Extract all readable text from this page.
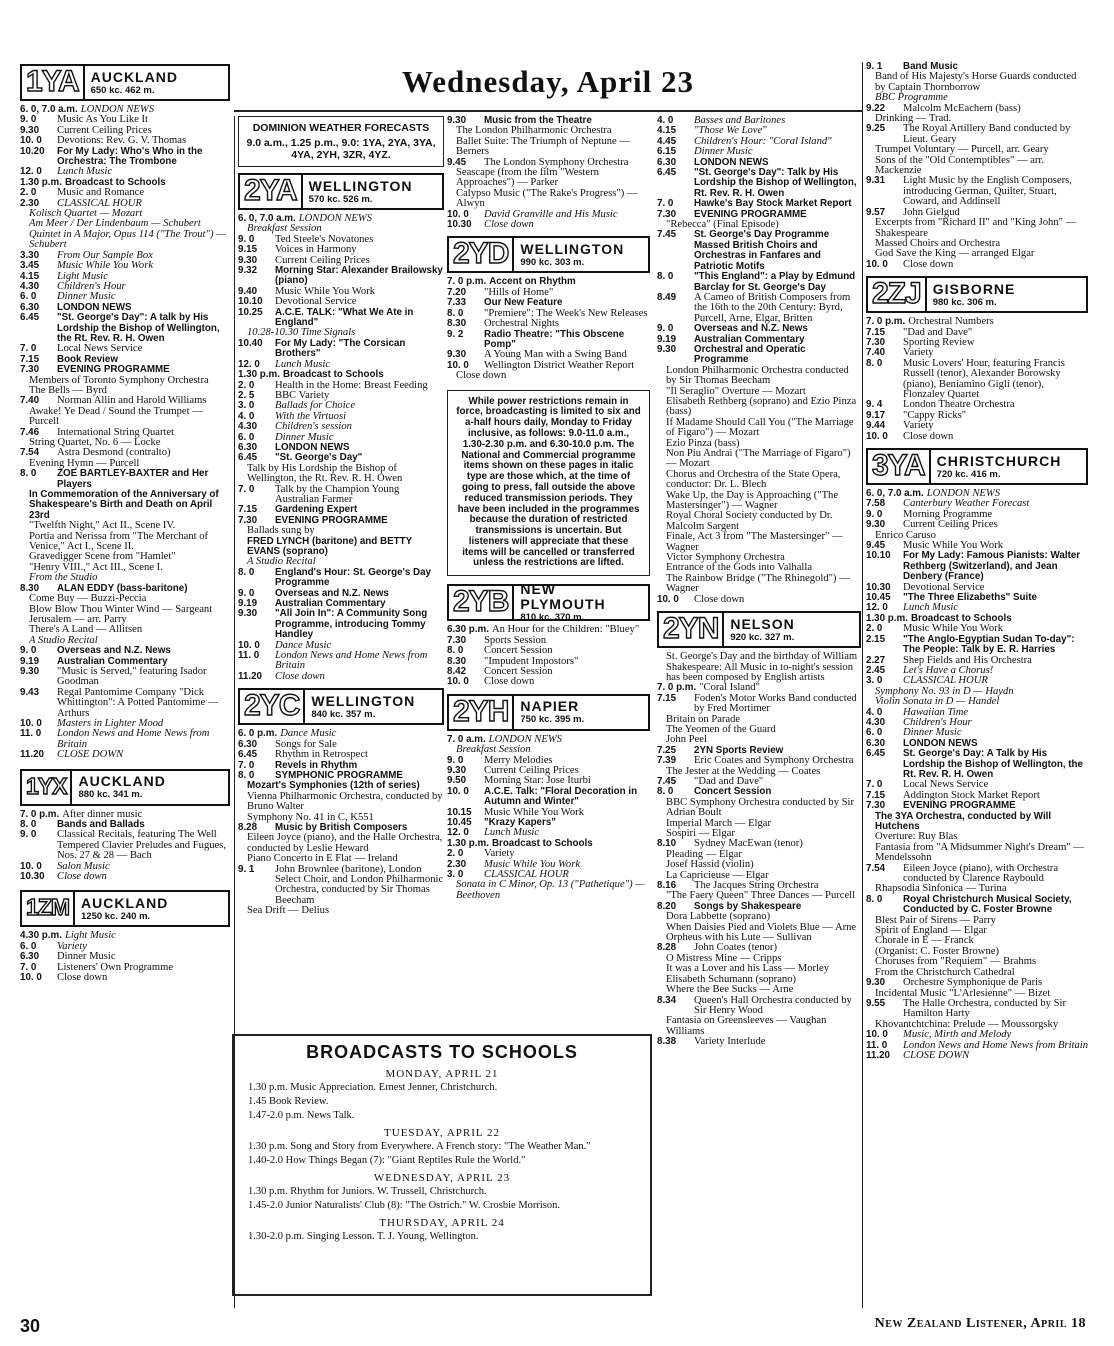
Wednesday, April 23
1YA AUCKLAND
650 kc. 462 m.
6. 0, 7.0 a.m. LONDON NEWS
9. 0	Music As You Like It
9.30	Current Ceiling Prices
10. 0	Devotions: Rev. G. V. Thomas
10.20	For My Lady: Who's Who in the Orchestra: The Trombone
12. 0	Lunch Music
1.30 p.m. Broadcast to Schools
2. 0	Music and Romance
2.30	CLASSICAL HOUR
Kolisch Quartet — Mozart
Am Meer / Der Lindenbaum — Schubert
Quintet in A Major, Opus 114 ("The Trout") — Schubert
3.30	From Our Sample Box
3.45	Music While You Work
4.15	Light Music
4.30	Children's Hour
6. 0	Dinner Music
6.30	LONDON NEWS
6.45	"St. George's Day": A talk by His Lordship the Bishop of Wellington, the Rt. Rev. R. H. Owen
7. 0	Local News Service
7.15	Book Review
7.30	EVENING PROGRAMME
Members of Toronto Symphony Orchestra
The Bells — Byrd
7.40	Norman Allin and Harold Williams
Awake! Ye Dead / Sound the Trumpet — Purcell
7.46	International String Quartet
String Quartet, No. 6 — Locke
7.54	Astra Desmond (contralto)
Evening Hymn — Purcell
8. 0	ZOE BARTLEY-BAXTER and Her Players
In Commemoration of the Anniversary of Shakespeare's Birth and Death on April 23rd
"Twelfth Night," Act II., Scene IV.
Portia and Nerissa from "The Merchant of Venice," Act I., Scene II.
Gravedigger Scene from "Hamlet"
"Henry VIII.," Act III., Scene I.
From the Studio
8.30	ALAN EDDY (bass-baritone)
Come Buy — Buzzi-Peccia
Blow Blow Thou Winter Wind — Sargeant
Jerusalem — arr. Parry
There's A Land — Allitsen
A Studio Recital
9. 0	Overseas and N.Z. News
9.19	Australian Commentary
9.30	"Music is Served," featuring Isador Goodman
9.43	Regal Pantomime Company "Dick Whittington": A Potted Pantomime — Arthurs
10. 0	Masters in Lighter Mood
11. 0	London News and Home News from Britain
11.20	CLOSE DOWN
1YX AUCKLAND
880 kc. 341 m.
7. 0 p.m. After dinner music
8. 0	Bands and Ballads
9. 0	Classical Recitals, featuring The Well Tempered Clavier Preludes and Fugues, Nos. 27 & 28 — Bach
10. 0	Salon Music
10.30	Close down
1ZM AUCKLAND
1250 kc. 240 m.
4.30 p.m. Light Music
6. 0	Variety
6.30	Dinner Music
7. 0	Listeners' Own Programme
10. 0	Close down
DOMINION WEATHER FORECASTS
9.0 a.m., 1.25 p.m., 9.0: 1YA, 2YA, 3YA, 4YA, 2YH, 3ZR, 4YZ.
2YA WELLINGTON
570 kc. 526 m.
6. 0, 7.0 a.m. LONDON NEWS
Breakfast Session
9. 0	Ted Steele's Novatones
9.15	Voices in Harmony
9.30	Current Ceiling Prices
9.32	Morning Star: Alexander Brailowsky (piano)
9.40	Music While You Work
10.10	Devotional Service
10.25	A.C.E. TALK: "What We Ate in England"
10.28-10.30 Time Signals
10.40	For My Lady: "The Corsican Brothers"
12. 0	Lunch Music
1.30 p.m. Broadcast to Schools
2. 0	Health in the Home: Breast Feeding
2. 5	BBC Variety
3. 0	Ballads for Choice
4. 0	With the Virtuosi
4.30	Children's session
6. 0	Dinner Music
6.30	LONDON NEWS
6.45	"St. George's Day"
Talk by His Lordship the Bishop of Wellington, the Rt. Rev. R. H. Owen
7. 0	Talk by the Champion Young Australian Farmer
7.15	Gardening Expert
7.30	EVENING PROGRAMME
Ballads sung by
FRED LYNCH (baritone) and BETTY EVANS (soprano)
A Studio Recital
8. 0	England's Hour: St. George's Day Programme
9. 0	Overseas and N.Z. News
9.19	Australian Commentary
9.30	"All Join In": A Community Song Programme, introducing Tommy Handley
10. 0	Dance Music
11. 0	London News and Home News from Britain
11.20	Close down
2YC WELLINGTON
840 kc. 357 m.
6. 0 p.m. Dance Music
6.30	Songs for Sale
6.45	Rhythm in Retrospect
7. 0	Revels in Rhythm
8. 0	SYMPHONIC PROGRAMME
Mozart's Symphonies (12th of series)
Vienna Philharmonic Orchestra, conducted by Bruno Walter
Symphony No. 41 in C, K551
8.28	Music by British Composers
Eileen Joyce (piano), and the Halle Orchestra, conducted by Leslie Heward
Piano Concerto in E Flat — Ireland
9. 1	John Brownlee (baritone), London Select Choir, and London Philharmonic Orchestra, conducted by Sir Thomas Beecham
Sea Drift — Delius
9.30	Music from the Theatre
The London Philharmonic Orchestra
Ballet Suite: The Triumph of Neptune — Berners
9.45	The London Symphony Orchestra
Seascape (from the film "Western Approaches") — Parker
Calypso Music ("The Rake's Progress") — Alwyn
10. 0	David Granville and His Music
10.30	Close down
2YD WELLINGTON
990 kc. 303 m.
7. 0 p.m. Accent on Rhythm
7.20	"Hills of Home"
7.33	Our New Feature
8. 0	"Premiere": The Week's New Releases
8.30	Orchestral Nights
9. 2	Radio Theatre: "This Obscene Pomp"
9.30	A Young Man with a Swing Band
10. 0	Wellington District Weather Report
Close down
While power restrictions remain in force, broadcasting is limited to six and a-half hours daily, Monday to Friday inclusive, as follows: 9.0-11.0 a.m., 1.30-2.30 p.m. and 6.30-10.0 p.m. The National and Commercial programme items shown on these pages in italic type are those which, at the time of going to press, fall outside the above reduced transmission periods. They have been included in the programmes because the duration of restricted transmissions is uncertain. But listeners will appreciate that these items will be cancelled or transferred unless the restrictions are lifted.
2YB NEW PLYMOUTH
810 kc. 370 m.
6.30 p.m. An Hour for the Children: "Bluey"
7.30	Sports Session
8. 0	Concert Session
8.30	"Impudent Impostors"
8.42	Concert Session
10. 0	Close down
2YH NAPIER
750 kc. 395 m.
7. 0 a.m. LONDON NEWS
Breakfast Session
9. 0	Merry Melodies
9.30	Current Ceiling Prices
9.50	Morning Star: Jose Iturbi
10. 0	A.C.E. Talk: "Floral Decoration in Autumn and Winter"
10.15	Music While You Work
10.45	"Krazy Kapers"
12. 0	Lunch Music
1.30 p.m. Broadcast to Schools
2. 0	Variety
2.30	Music While You Work
3. 0	CLASSICAL HOUR
Sonata in C Minor, Op. 13 ("Pathetique") — Beethoven
4. 0	Basses and Baritones
4.15	"Those We Love"
4.45	Children's Hour: "Coral Island"
6.15	Dinner Music
6.30	LONDON NEWS
6.45	"St. George's Day": Talk by His Lordship the Bishop of Wellington, Rt. Rev. R. H. Owen
7. 0	Hawke's Bay Stock Market Report
7.30	EVENING PROGRAMME
"Rebecca" (Final Episode)
7.45	St. George's Day Programme Massed British Choirs and Orchestras in Fanfares and Patriotic Motifs
8. 0	"This England": a Play by Edmund Barclay for St. George's Day
8.49	A Cameo of British Composers from the 16th to the 20th Century: Byrd, Purcell, Arne, Elgar, Britten
9. 0	Overseas and N.Z. News
9.19	Australian Commentary
9.30	Orchestral and Operatic Programme
London Philharmonic Orchestra conducted by Sir Thomas Beecham
"Il Seraglio" Overture — Mozart
Elisabeth Rethberg (soprano) and Ezio Pinza (bass)
If Madame Should Call You ("The Marriage of Figaro") — Mozart
Ezio Pinza (bass)
Non Piu Andrai ("The Marriage of Figaro") — Mozart
Chorus and Orchestra of the State Opera, conductor: Dr. L. Blech
Wake Up, the Day is Approaching ("The Mastersinger") — Wagner
Royal Choral Society conducted by Dr. Malcolm Sargent
Finale, Act 3 from "The Mastersinger" — Wagner
Victor Symphony Orchestra
Entrance of the Gods into Valhalla
The Rainbow Bridge ("The Rhinegold") — Wagner
10. 0	Close down
2YN NELSON
920 kc. 327 m.
St. George's Day and the birthday of William Shakespeare: All Music in to-night's session has been composed by English artists
7. 0 p.m. "Coral Island"
7.15	Foden's Motor Works Band conducted by Fred Mortimer
Britain on Parade
The Yeomen of the Guard
John Peel
7.25	2YN Sports Review
7.39	Eric Coates and Symphony Orchestra
The Jester at the Wedding — Coates
7.45	"Dad and Dave"
8. 0	Concert Session
BBC Symphony Orchestra conducted by Sir Adrian Boult
Imperial March — Elgar
Sospiri — Elgar
8.10	Sydney MacEwan (tenor)
Pleading — Elgar
Josef Hassid (violin)
La Capricieuse — Elgar
8.16	The Jacques String Orchestra
"The Faery Queen" Three Dances — Purcell
8.20	Songs by Shakespeare
Dora Labbette (soprano)
When Daisies Pied and Violets Blue — Arne
Orpheus with his Lute — Sullivan
8.28	John Coates (tenor)
O Mistress Mine — Cripps
It was a Lover and his Lass — Morley
Elisabeth Schumann (soprano)
Where the Bee Sucks — Arne
8.34	Queen's Hall Orchestra conducted by Sir Henry Wood
Fantasia on Greensleeves — Vaughan Williams
8.38	Variety Interlude
9. 1	Band Music
Band of His Majesty's Horse Guards conducted by Captain Thornborrow
BBC Programme
9.22	Malcolm McEachern (bass)
Drinking — Trad.
9.25	The Royal Artillery Band conducted by Lieut. Geary
Trumpet Voluntary — Purcell, arr. Geary
Sons of the "Old Contemptibles" — arr. Mackenzie
9.31	Light Music by the English Composers, introducing German, Quilter, Stuart, Coward, and Addinsell
9.57	John Gielgud
Excerpts from "Richard II" and "King John" — Shakespeare
Massed Choirs and Orchestra
God Save the King — arranged Elgar
10. 0	Close down
2ZJ GISBORNE
980 kc. 306 m.
7. 0 p.m. Orchestral Numbers
7.15	"Dad and Dave"
7.30	Sporting Review
7.40	Variety
8. 0	Music Lovers' Hour, featuring Francis Russell (tenor), Alexander Borowsky (piano), Beniamino Gigli (tenor), Flonzaley Quartet
9. 4	London Theatre Orchestra
9.17	"Cappy Ricks"
9.44	Variety
10. 0	Close down
3YA CHRISTCHURCH
720 kc. 416 m.
6. 0, 7.0 a.m. LONDON NEWS
7.58	Canterbury Weather Forecast
9. 0	Morning Programme
9.30	Current Ceiling Prices
Enrico Caruso
9.45	Music While You Work
10.10	For My Lady: Famous Pianists: Walter Rethberg (Switzerland), and Jean Denbery (France)
10.30	Devotional Service
10.45	"The Three Elizabeths" Suite
12. 0	Lunch Music
1.30 p.m. Broadcast to Schools
2. 0	Music While You Work
2.15	"The Anglo-Egyptian Sudan To-day": The People: Talk by E. R. Harries
2.27	Shep Fields and His Orchestra
2.45	Let's Have a Chorus!
3. 0	CLASSICAL HOUR
Symphony No. 93 in D — Haydn
Violin Sonata in D — Handel
4. 0	Hawaiian Time
4.30	Children's Hour
6. 0	Dinner Music
6.30	LONDON NEWS
6.45	St. George's Day: A Talk by His Lordship the Bishop of Wellington, the Rt. Rev. R. H. Owen
7. 0	Local News Service
7.15	Addington Stock Market Report
7.30	EVENING PROGRAMME
The 3YA Orchestra, conducted by Will Hutchens
Overture: Ruy Blas
Fantasia from "A Midsummer Night's Dream" — Mendelssohn
7.54	Eileen Joyce (piano), with Orchestra conducted by Clarence Raybould
Rhapsodia Sinfonica — Turina
8. 0	Royal Christchurch Musical Society, Conducted by C. Foster Browne
Blest Pair of Sirens — Parry
Spirit of England — Elgar
Chorale in E — Franck
(Organist: C. Foster Browne)
Choruses from "Requiem" — Brahms
From the Christchurch Cathedral
9.30	Orchestre Symphonique de Paris
Incidental Music "L'Arlesienne" — Bizet
9.55	The Halle Orchestra, conducted by Sir Hamilton Harty
Khovantchtchina: Prelude — Moussorgsky
10. 0	Music, Mirth and Melody
11. 0	London News and Home News from Britain
11.20	CLOSE DOWN
BROADCASTS TO SCHOOLS
MONDAY, APRIL 21
1.30 p.m. Music Appreciation. Ernest Jenner, Christchurch.
1.45 Book Review.
1.47-2.0 p.m. News Talk.
TUESDAY, APRIL 22
1.30 p.m. Song and Story from Everywhere. A French story: "The Weather Man."
1.40-2.0 How Things Began (7): "Giant Reptiles Rule the World."
WEDNESDAY, APRIL 23
1.30 p.m. Rhythm for Juniors. W. Trussell, Christchurch.
1.45-2.0 Junior Naturalists' Club (8): "The Ostrich." W. Crosbie Morrison.
THURSDAY, APRIL 24
1.30-2.0 p.m. Singing Lesson. T. J. Young, Wellington.
30	New Zealand Listener, April 18
